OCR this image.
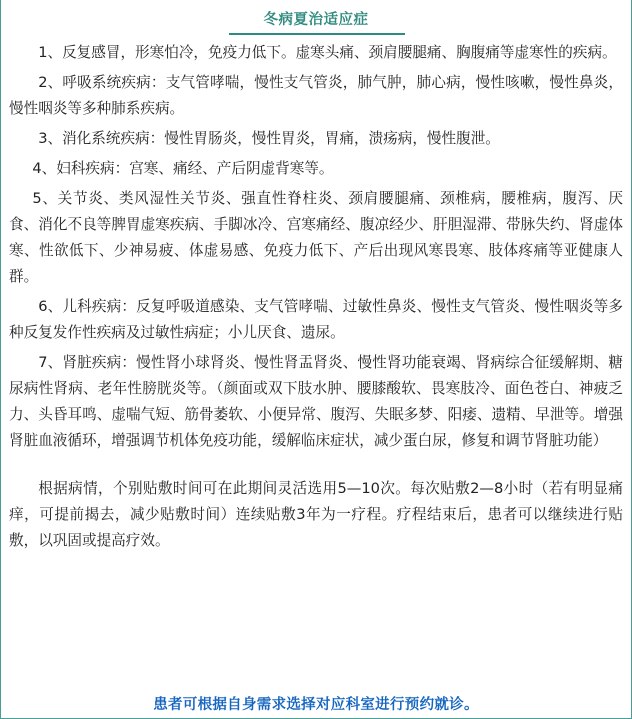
冬病夏治适应症

1、反复感冒，形寒怕冷，免疫力低下。虚寒头痛、颈肩腰腿痛、胸腹痛等虚寒性的疾病。

2、呼吸系统疾病：支气管哮喘，慢性支气管炎，肺气肿，肺心病，慢性咳嗽，慢性鼻炎，慢性咽炎等多种肺系疾病。

3、消化系统疾病：慢性胃肠炎，慢性胃炎，胃痛，溃疡病，慢性腹泄。

4、妇科疾病：宫寒、痛经、产后阴虚背寒等。

5、关节炎、类风湿性关节炎、强直性脊柱炎、颈肩腰腿痛、颈椎病，腰椎病，腹泻、厌食、消化不良等脾胃虚寒疾病、手脚冰冷、宫寒痛经、腹凉经少、肝胆湿滞、带脉失约、肾虚体寒、性欲低下、少神易疲、体虚易感、免疫力低下、产后出现风寒畏寒、肢体疼痛等亚健康人群。

6、儿科疾病：反复呼吸道感染、支气管哮喘、过敏性鼻炎、慢性支气管炎、慢性咽炎等多种反复发作性疾病及过敏性病症；小儿厌食、遗尿。

7、肾脏疾病：慢性肾小球肾炎、慢性肾盂肾炎、慢性肾功能衰竭、肾病综合征缓解期、糖尿病性肾病、老年性膀胱炎等。（颜面或双下肢水肿、腰膝酸软、畏寒肢冷、面色苍白、神疲乏力、头昏耳鸣、虚喘气短、筋骨萎软、小便异常、腹泻、失眠多梦、阳痿、遗精、早泄等。增强肾脏血液循环，增强调节机体免疫功能，缓解临床症状，减少蛋白尿，修复和调节肾脏功能）

根据病情，个别贴敷时间可在此期间灵活选用5—10次。每次贴敷2—8小时（若有明显痛痒，可提前揭去，减少贴敷时间）连续贴敷3年为一疗程。疗程结束后，患者可以继续进行贴敷，以巩固或提高疗效。

患者可根据自身需求选择对应科室进行预约就诊。
